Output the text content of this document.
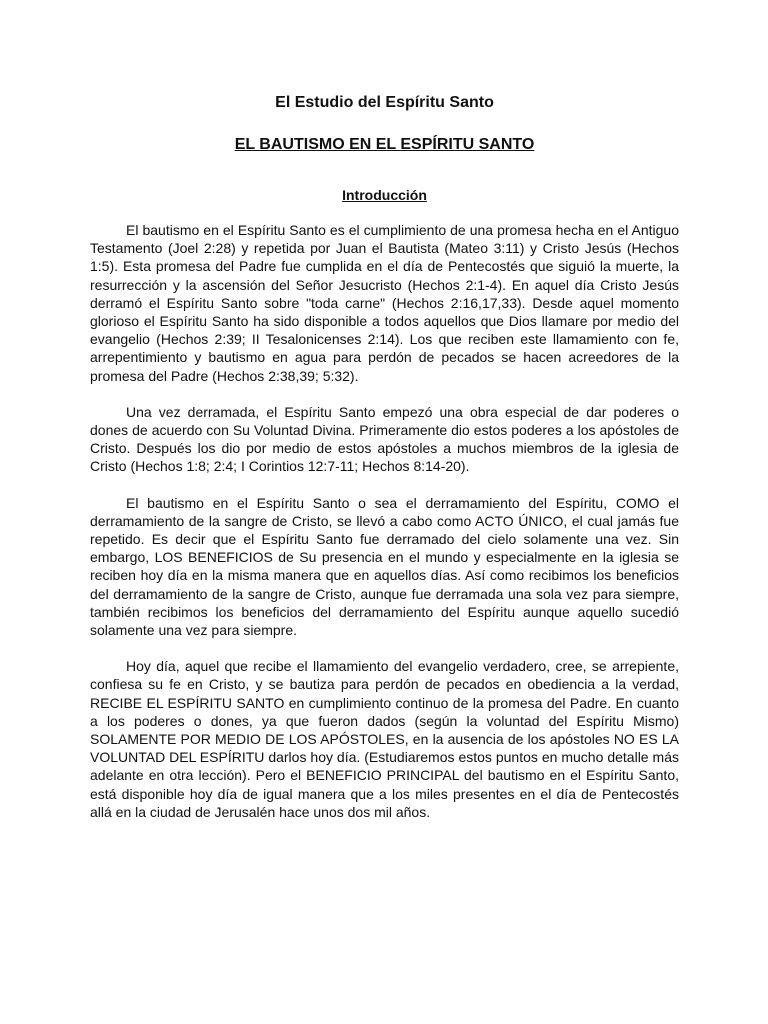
El Estudio del Espíritu Santo
EL BAUTISMO EN EL ESPÍRITU SANTO
Introducción

El bautismo en el Espíritu Santo es el cumplimiento de una promesa hecha en el Antiguo Testamento (Joel 2:28) y repetida por Juan el Bautista (Mateo 3:11) y Cristo Jesús (Hechos 1:5). Esta promesa del Padre fue cumplida en el día de Pentecostés que siguió la muerte, la resurrección y la ascensión del Señor Jesucristo (Hechos 2:1-4). En aquel día Cristo Jesús derramó el Espíritu Santo sobre "toda carne" (Hechos 2:16,17,33). Desde aquel momento glorioso el Espíritu Santo ha sido disponible a todos aquellos que Dios llamare por medio del evangelio (Hechos 2:39; II Tesalonicenses 2:14). Los que reciben este llamamiento con fe, arrepentimiento y bautismo en agua para perdón de pecados se hacen acreedores de la promesa del Padre (Hechos 2:38,39; 5:32).

Una vez derramada, el Espíritu Santo empezó una obra especial de dar poderes o dones de acuerdo con Su Voluntad Divina. Primeramente dio estos poderes a los apóstoles de Cristo. Después los dio por medio de estos apóstoles a muchos miembros de la iglesia de Cristo (Hechos 1:8; 2:4; I Corintios 12:7-11; Hechos 8:14-20).

El bautismo en el Espíritu Santo o sea el derramamiento del Espíritu, COMO el derramamiento de la sangre de Cristo, se llevó a cabo como ACTO ÚNICO, el cual jamás fue repetido. Es decir que el Espíritu Santo fue derramado del cielo solamente una vez. Sin embargo, LOS BENEFICIOS de Su presencia en el mundo y especialmente en la iglesia se reciben hoy día en la misma manera que en aquellos días. Así como recibimos los beneficios del derramamiento de la sangre de Cristo, aunque fue derramada una sola vez para siempre, también recibimos los beneficios del derramamiento del Espíritu aunque aquello sucedió solamente una vez para siempre.

Hoy día, aquel que recibe el llamamiento del evangelio verdadero, cree, se arrepiente, confiesa su fe en Cristo, y se bautiza para perdón de pecados en obediencia a la verdad, RECIBE EL ESPÍRITU SANTO en cumplimiento continuo de la promesa del Padre. En cuanto a los poderes o dones, ya que fueron dados (según la voluntad del Espíritu Mismo) SOLAMENTE POR MEDIO DE LOS APÓSTOLES, en la ausencia de los apóstoles NO ES LA VOLUNTAD DEL ESPÍRITU darlos hoy día. (Estudiaremos estos puntos en mucho detalle más adelante en otra lección). Pero el BENEFICIO PRINCIPAL del bautismo en el Espíritu Santo, está disponible hoy día de igual manera que a los miles presentes en el día de Pentecostés allá en la ciudad de Jerusalén hace unos dos mil años.
